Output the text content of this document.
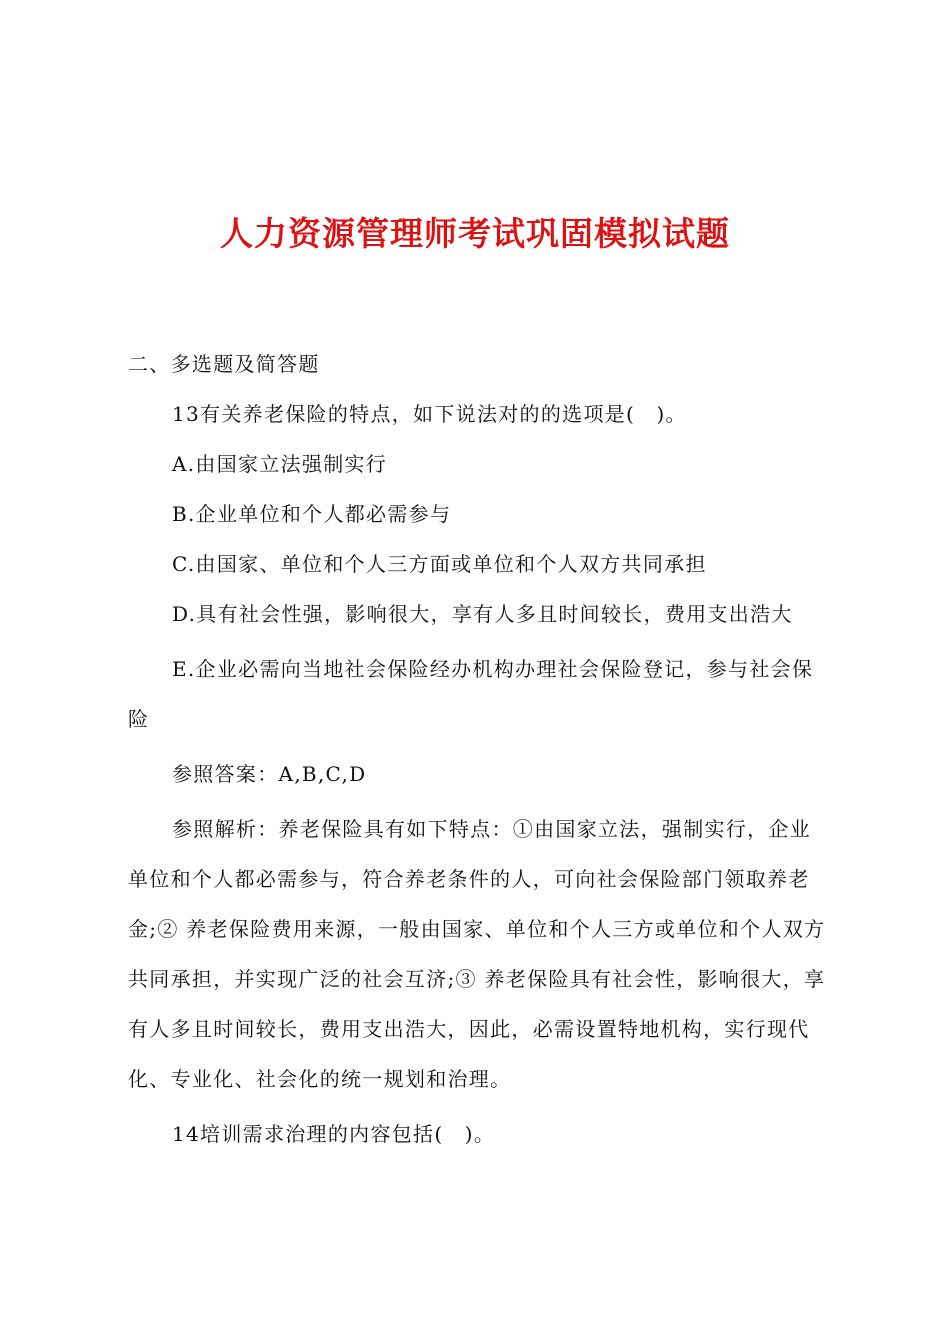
人力资源管理师考试巩固模拟试题

二、多选题及简答题

13有关养老保险的特点，如下说法对的的选项是(　)。

A.由国家立法强制实行

B.企业单位和个人都必需参与

C.由国家、单位和个人三方面或单位和个人双方共同承担

D.具有社会性强，影响很大，享有人多且时间较长，费用支出浩大

E.企业必需向当地社会保险经办机构办理社会保险登记，参与社会保险

参照答案：A,B,C,D

参照解析：养老保险具有如下特点：①由国家立法，强制实行，企业单位和个人都必需参与，符合养老条件的人，可向社会保险部门领取养老金;② 养老保险费用来源，一般由国家、单位和个人三方或单位和个人双方共同承担，并实现广泛的社会互济;③ 养老保险具有社会性，影响很大，享有人多且时间较长，费用支出浩大，因此，必需设置特地机构，实行现代化、专业化、社会化的统一规划和治理。

14培训需求治理的内容包括(　)。
